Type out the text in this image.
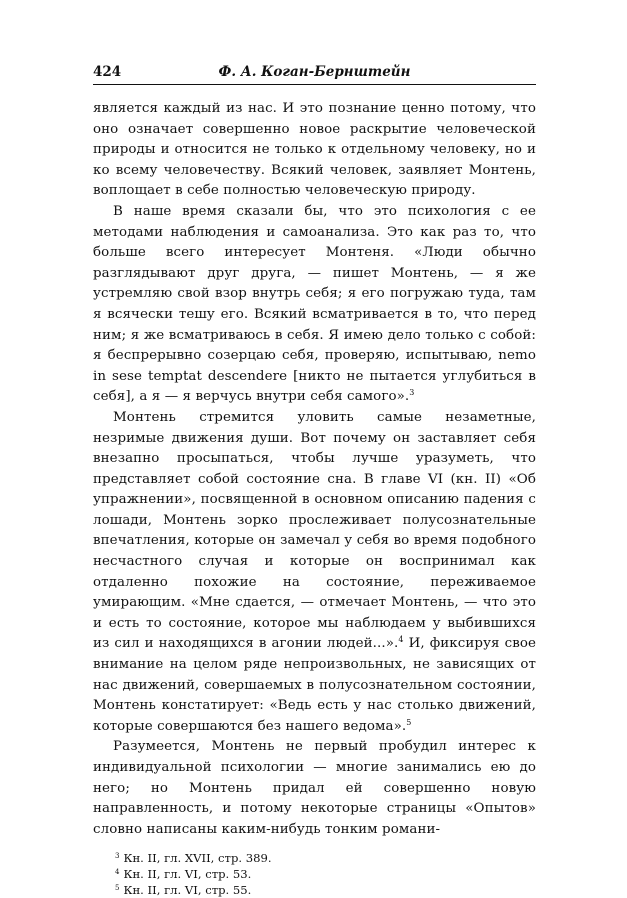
424	Ф. А. Коган-Бернштейн

является каждый из нас. И это познание ценно потому, что оно означает совершенно новое раскрытие человеческой природы и относится не только к отдельному человеку, но и ко всему человечеству. Всякий человек, заявляет Монтень, воплощает в себе полностью человеческую природу.

В наше время сказали бы, что это психология с ее методами наблюдения и самоанализа. Это как раз то, что больше всего интересует Монтеня. «Люди обычно разглядывают друг друга, — пишет Монтень, — я же устремляю свой взор внутрь себя; я его погружаю туда, там я всячески тешу его. Всякий всматривается в то, что перед ним; я же всматриваюсь в себя. Я имею дело только с собой: я беспрерывно созерцаю себя, проверяю, испытываю, nemo in sese temptat descendere [никто не пытается углубиться в себя], а я — я верчусь внутри себя самого».$^3$

Монтень стремится уловить самые незаметные, незримые движения души. Вот почему он заставляет себя внезапно просыпаться, чтобы лучше уразуметь, что представляет собой состояние сна. В главе VI (кн. II) «Об упражнении», посвященной в основном описанию падения с лошади, Монтень зорко прослеживает полусознательные впечатления, которые он замечал у себя во время подобного несчастного случая и которые он воспринимал как отдаленно похожие на состояние, переживаемое умирающим. «Мне сдается, — отмечает Монтень, — что это и есть то состояние, которое мы наблюдаем у выбившихся из сил и находящихся в агонии людей...».$^4$ И, фиксируя свое внимание на целом ряде непроизвольных, не зависящих от нас движений, совершаемых в полусознательном состоянии, Монтень констатирует: «Ведь есть у нас столько движений, которые совершаются без нашего ведома».$^5$

Разумеется, Монтень не первый пробудил интерес к индивидуальной психологии — многие занимались ею до него; но Монтень придал ей совершенно новую направленность, и потому некоторые страницы «Опытов» словно написаны каким-нибудь тонким романи-

$^3$ Кн. II, гл. XVII, стр. 389.

$^4$ Кн. II, гл. VI, стр. 53.

$^5$ Кн. II, гл. VI, стр. 55.
